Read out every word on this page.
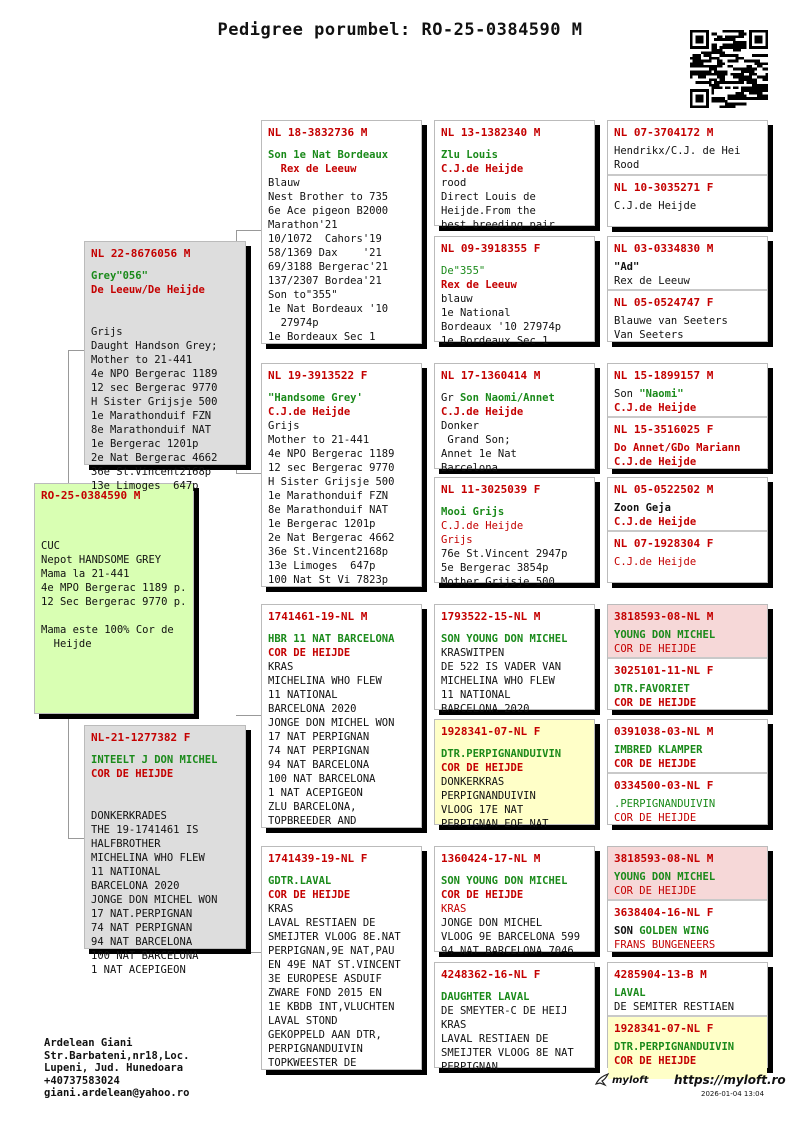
Pedigree porumbel: RO-25-0384590 M
RO-25-0384590 M

CUC
Nepot HANDSOME GREY
Mama la 21-441
4e MPO Bergerac 1189 p.
12 Sec Bergerac 9770 p.

Mama este 100% Cor de
Heijde

NL 22-8676056 M
Grey"056"
De Leeuw/De Heijde

Grijs
Daught Handson Grey;
Mother to 21-441
4e NPO Bergerac 1189
12 sec Bergerac 9770
H Sister Grijsje 500
1e Marathonduif FZN
8e Marathonduif NAT
1e Bergerac 1201p
2e Nat Bergerac 4662
36e St.Vincent2168p
13e Limoges  647p

NL-21-1277382 F
INTEELT J DON MICHEL
COR DE HEIJDE

DONKERKRADES
THE 19-1741461 IS
HALFBROTHER
MICHELINA WHO FLEW
11 NATIONAL
BARCELONA 2020
JONGE DON MICHEL WON
17 NAT.PERPIGNAN
74 NAT PERPIGNAN
94 NAT BARCELONA
100 NAT BARCELONA
1 NAT ACEPIGEON

NL 18-3832736 M
Son 1e Nat Bordeaux
Rex de Leeuw
Blauw
Nest Brother to 735
6e Ace pigeon B2000
Marathon'21
10/1072  Cahors'19
58/1369 Dax    '21
69/3188 Bergerac'21
137/2307 Bordea'21
Son to"355"
1e Nat Bordeaux '10
27974p
1e Bordeaux Sec 1
NL 19-3913522 F
"Handsome Grey'
C.J.de Heijde
Grijs
Mother to 21-441
4e NPO Bergerac 1189
12 sec Bergerac 9770
H Sister Grijsje 500
1e Marathonduif FZN
8e Marathonduif NAT
1e Bergerac 1201p
2e Nat Bergerac 4662
36e St.Vincent2168p
13e Limoges  647p
100 Nat St Vi 7823p
1741461-19-NL M
HBR 11 NAT BARCELONA
COR DE HEIJDE
KRAS
MICHELINA WHO FLEW
11 NATIONAL
BARCELONA 2020
JONGE DON MICHEL WON
17 NAT PERPIGNAN
74 NAT PERPIGNAN
94 NAT BARCELONA
100 NAT BARCELONA
1 NAT ACEPIGEON
ZLU BARCELONA,
TOPBREEDER AND
1741439-19-NL F
GDTR.LAVAL
COR DE HEIJDE
KRAS
LAVAL RESTIAEN DE
SMEIJTER VLOOG 8E.NAT
PERPIGNAN,9E NAT,PAU
EN 49E NAT ST.VINCENT
3E EUROPESE ASDUIF
ZWARE FOND 2015 EN
1E KBDB INT,VLUCHTEN
LAVAL STOND
GEKOPPELD AAN DTR,
PERPIGNANDUIVIN
TOPKWEESTER DE
NL 13-1382340 M
Zlu Louis
C.J.de Heijde
rood
Direct Louis de
Heijde.From the
best breeding pair
NL 09-3918355 F
De"355"
Rex de Leeuw
blauw
1e National
Bordeaux '10 27974p
1e Bordeaux Sec 1
NL 17-1360414 M
Gr Son Naomi/Annet
C.J.de Heijde
Donker
Grand Son;
Annet 1e Nat
Barcelona
NL 11-3025039 F
Mooi Grijs
C.J.de Heijde
Grijs
76e St.Vincent 2947p
5e Bergerac 3854p
Mother Grijsje 500
1793522-15-NL M
SON YOUNG DON MICHEL
KRASWITPEN
DE 522 IS VADER VAN
MICHELINA WHO FLEW
11 NATIONAL
BARCELONA 2020
1928341-07-NL F
DTR.PERPIGNANDUIVIN
COR DE HEIJDE
DONKERKRAS
PERPIGNANDUIVIN
VLOOG 17E NAT
PERPIGNAN EOE NAT
1360424-17-NL M
SON YOUNG DON MICHEL
COR DE HEIJDE
KRAS
JONGE DON MICHEL
VLOOG 9E BARCELONA 599
94 NAT BARCELONA 7046
4248362-16-NL F
DAUGHTER LAVAL
DE SMEYTER-C DE HEIJ
KRAS
LAVAL RESTIAEN DE
SMEIJTER VLOOG 8E NAT
PERPIGNAN
NL 07-3704172 M
Hendrikx/C.J. de Hei
Rood
NL 10-3035271 F
C.J.de Heijde
NL 03-0334830 M
"Ad"
Rex de Leeuw
NL 05-0524747 F
Blauwe van Seeters
Van Seeters
NL 15-1899157 M
Son "Naomi"
C.J.de Heijde
NL 15-3516025 F
Do Annet/GDo Mariann
C.J.de Heijde
NL 05-0522502 M
Zoon Geja
C.J.de Heijde
NL 07-1928304 F
C.J.de Heijde
3818593-08-NL M
YOUNG DON MICHEL
COR DE HEIJDE
3025101-11-NL F
DTR.FAVORIET
COR DE HEIJDE
0391038-03-NL M
IMBRED KLAMPER
COR DE HEIJDE
0334500-03-NL F
.PERPIGNANDUIVIN
COR DE HEIJDE
3818593-08-NL M
YOUNG DON MICHEL
COR DE HEIJDE
3638404-16-NL F
SON GOLDEN WING
FRANS BUNGENEERS
4285904-13-B M
LAVAL
DE SEMITER RESTIAEN
1928341-07-NL F
DTR.PERPIGNANDUIVIN
COR DE HEIJDE
Ardelean Giani
Str.Barbateni,nr18,Loc.
Lupeni, Jud. Hunedoara
+40737583024
giani.ardelean@yahoo.ro
myloft https://myloft.ro
2026-01-04 13:04
